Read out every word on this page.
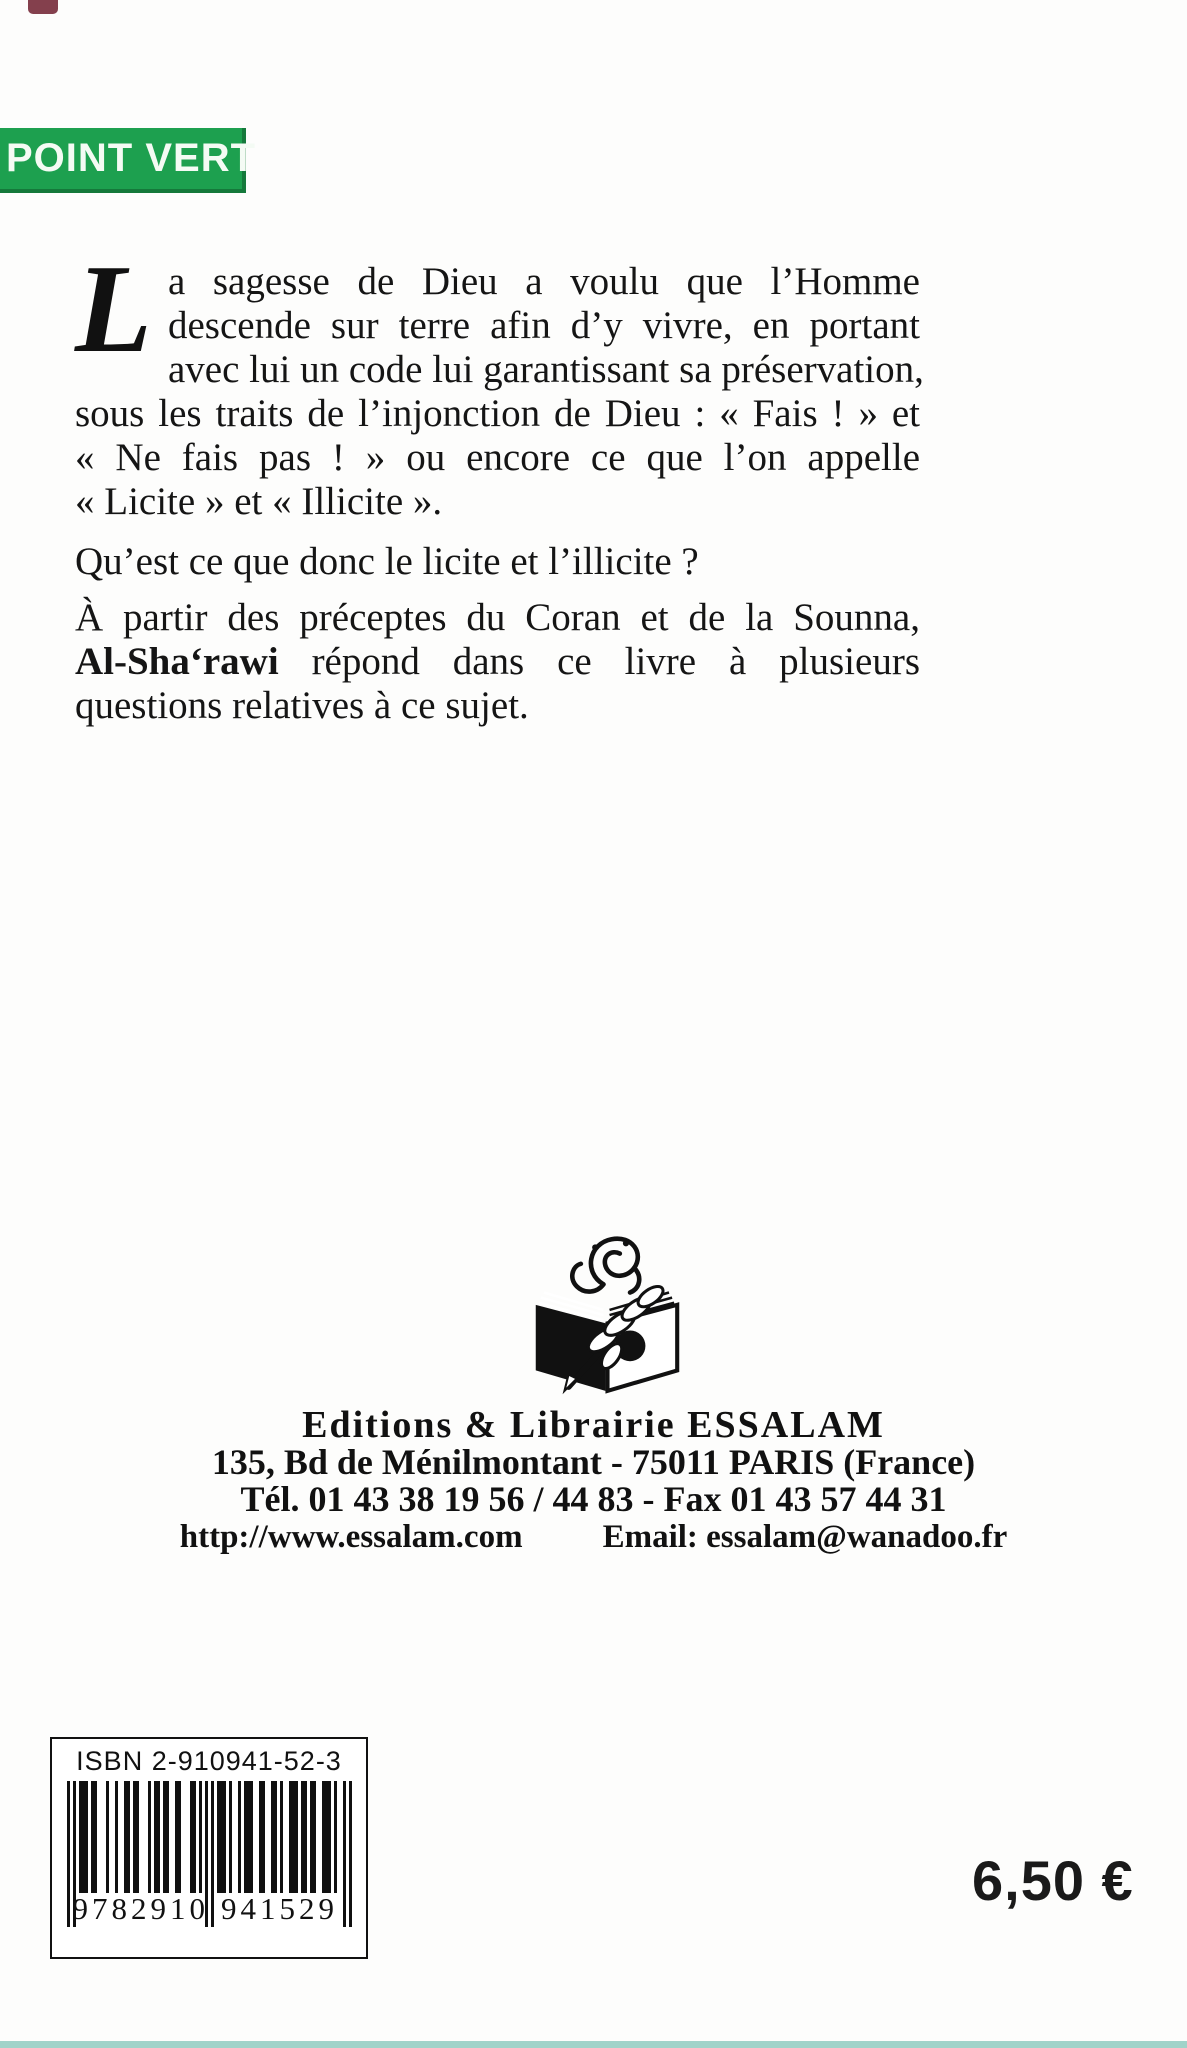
POINT VERT
L a sagesse de Dieu a voulu que l’Homme
descende sur terre afin d’y vivre, en portant
avec lui un code lui garantissant sa préservation,
sous les traits de l’injonction de Dieu : « Fais ! » et
« Ne fais pas ! » ou encore ce que l’on appelle
« Licite » et « Illicite ».
Qu’est ce que donc le licite et l’illicite ?
À partir des préceptes du Coran et de la Sounna,
Al-Sha‘rawi répond dans ce livre à plusieurs
questions relatives à ce sujet.
Editions & Librairie ESSALAM
135, Bd de Ménilmontant - 75011 PARIS (France)
Tél. 01 43 38 19 56 / 44 83 - Fax 01 43 57 44 31
http://www.essalam.com Email: essalam@wanadoo.fr
ISBN 2-910941-52-3
9782910 941529	6,50 €
